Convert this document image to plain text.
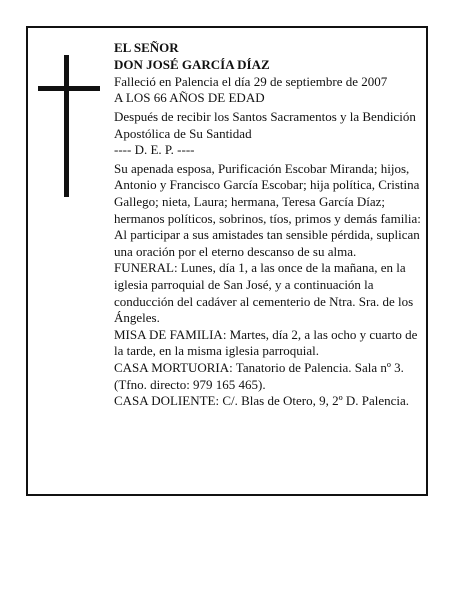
EL SEÑOR

DON JOSÉ GARCÍA DÍAZ

Falleció en Palencia el día 29 de septiembre de 2007

A LOS 66 AÑOS DE EDAD

Después de recibir los Santos Sacramentos y la Bendición Apostólica de Su Santidad

---- D. E. P. ----

Su apenada esposa, Purificación Escobar Miranda; hijos, Antonio y Francisco García Escobar; hija política, Cristina Gallego; nieta, Laura; hermana, Teresa García Díaz; hermanos políticos, sobrinos, tíos, primos y demás familia:

Al participar a sus amistades tan sensible pérdida, suplican una oración por el eterno descanso de su alma.

FUNERAL: Lunes, día 1, a las once de la mañana, en la iglesia parroquial de San José, y a continuación la conducción del cadáver al cementerio de Ntra. Sra. de los Ángeles.

MISA DE FAMILIA: Martes, día 2, a las ocho y cuarto de la tarde, en la misma iglesia parroquial.

CASA MORTUORIA: Tanatorio de Palencia. Sala nº 3. (Tfno. directo: 979 165 465).

CASA DOLIENTE: C/. Blas de Otero, 9, 2º D. Palencia.
